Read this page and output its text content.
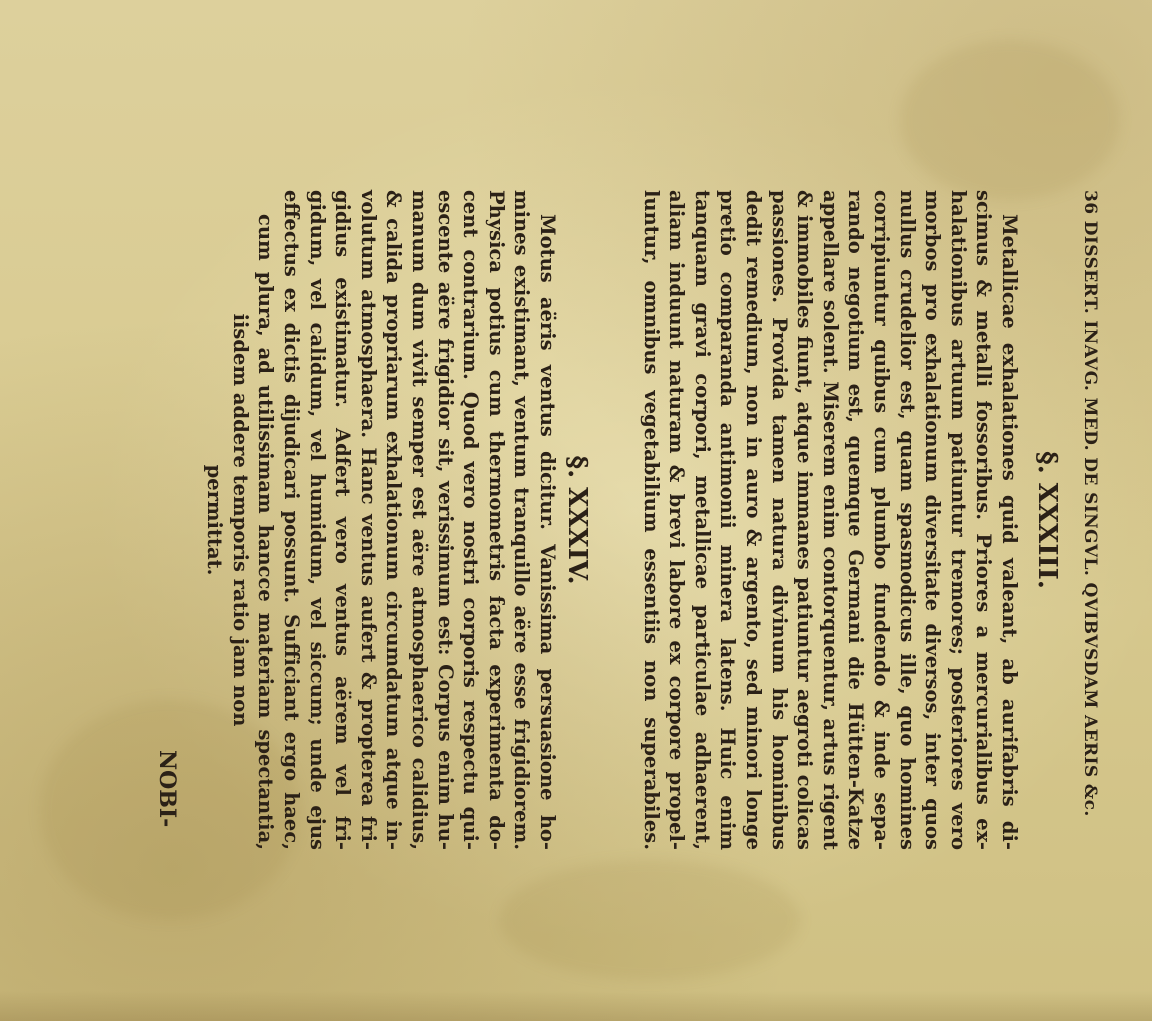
36 DISSERT. INAVG. MED. DE SINGVL. QVIBVSDAM AERIS &c.
§. XXXIII.
Metallicae exhalationes quid valeant, ab aurifabris di-
scimus & metalli fossoribus. Priores a mercurialibus ex-
halationibus artuum patiuntur tremores; posteriores vero
morbos pro exhalationum diversitate diversos, inter quos
nullus crudelior est, quam spasmodicus ille, quo homines
corripiuntur quibus cum plumbo fundendo & inde sepa-
rando negotium est, quemque Germani die Hütten-Katze
appellare solent. Miserem enim contorquentur, artus rigent
& immobiles fiunt, atque immanes patiuntur aegroti colicas
passiones. Provida tamen natura divinum his hominibus
dedit remedium, non in auro & argento, sed minori longe
pretio comparanda antimonii minera latens. Huic enim
tanquam gravi corpori, metallicae particulae adhaerent,
aliam induunt naturam & brevi labore ex corpore propel-
luntur, omnibus vegetabilium essentiis non superabiles.
§. XXXIV.
Motus aëris ventus dicitur. Vanissima persuasione ho-
mines existimant, ventum tranquillo aëre esse frigidiorem.
Physica potius cum thermometris facta experimenta do-
cent contrarium. Quod vero nostri corporis respectu qui-
escente aëre frigidior sit, verissimum est: Corpus enim hu-
manum dum vivit semper est aëre atmosphaerico calidius,
& calida propriarum exhalationum circumdatum atque in-
volutum atmosphaera. Hanc ventus aufert & propterea fri-
gidius existimatur. Adfert vero ventus aërem vel fri-
gidum, vel calidum, vel humidum, vel siccum; unde ejus
effectus ex dictis dijudicari possunt. Sufficiant ergo haec,
cum plura, ad utilissimam hancce materiam spectantia,
iisdem addere temporis ratio jam non
permittat.
NOBI-
